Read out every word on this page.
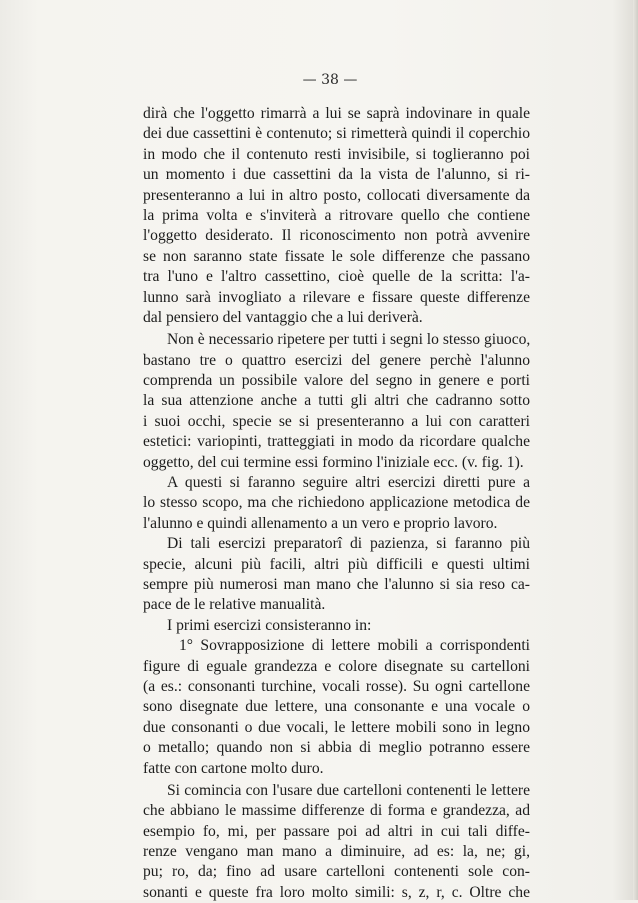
— 38 —
dirà che l'oggetto rimarrà a lui se saprà indovinare in quale
dei due cassettini è contenuto; si rimetterà quindi il coperchio
in modo che il contenuto resti invisibile, si toglieranno poi
un momento i due cassettini da la vista de l'alunno, si ri-
presenteranno a lui in altro posto, collocati diversamente da
la prima volta e s'inviterà a ritrovare quello che contiene
l'oggetto desiderato. Il riconoscimento non potrà avvenire
se non saranno state fissate le sole differenze che passano
tra l'uno e l'altro cassettino, cioè quelle de la scritta: l'a-
lunno sarà invogliato a rilevare e fissare queste differenze
dal pensiero del vantaggio che a lui deriverà.
Non è necessario ripetere per tutti i segni lo stesso giuoco,
bastano tre o quattro esercizi del genere perchè l'alunno
comprenda un possibile valore del segno in genere e porti
la sua attenzione anche a tutti gli altri che cadranno sotto
i suoi occhi, specie se si presenteranno a lui con caratteri
estetici: variopinti, tratteggiati in modo da ricordare qualche
oggetto, del cui termine essi formino l'iniziale ecc. (v. fig. 1).
A questi si faranno seguire altri esercizi diretti pure a
lo stesso scopo, ma che richiedono applicazione metodica de
l'alunno e quindi allenamento a un vero e proprio lavoro.
Di tali esercizi preparatorî di pazienza, si faranno più
specie, alcuni più facili, altri più difficili e questi ultimi
sempre più numerosi man mano che l'alunno si sia reso ca-
pace de le relative manualità.
I primi esercizi consisteranno in:
1° Sovrapposizione di lettere mobili a corrispondenti
figure di eguale grandezza e colore disegnate su cartelloni
(a es.: consonanti turchine, vocali rosse). Su ogni cartellone
sono disegnate due lettere, una consonante e una vocale o
due consonanti o due vocali, le lettere mobili sono in legno
o metallo; quando non si abbia di meglio potranno essere
fatte con cartone molto duro.
Si comincia con l'usare due cartelloni contenenti le lettere
che abbiano le massime differenze di forma e grandezza, ad
esempio fo, mi, per passare poi ad altri in cui tali diffe-
renze vengano man mano a diminuire, ad es: la, ne; gi,
pu; ro, da; fino ad usare cartelloni contenenti sole con-
sonanti e queste fra loro molto simili: s, z, r, c. Oltre che
